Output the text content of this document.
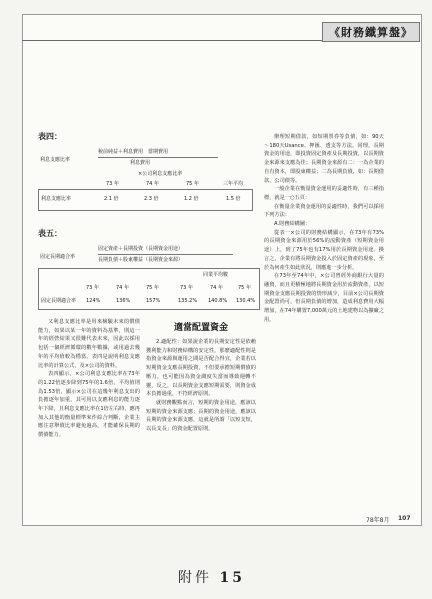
《財務鐵算盤》
表四：
利息支應比率
稅前純益＋利息費用　當期費用
利息費用
×公司利息支應比率
73 年	74 年	75 年	三年平均
利息支應比率	2.1 倍	2.3 倍	1.2 倍	1.5 倍
表五：
固定長期適合率
固定資產＋長期投資（長期資金用途）
長期負債＋股東權益（長期資金來源）
同業平均數
73 年	74 年	75 年	73 年	74 年	75 年
固定長期適合率 124%	136%	157%	135.2% 140.8% 130.4%

又利息支應比率是用來檢驗未來的償債能力，如果以某一年的資料為基準，則這一年的經營結果又很難代表未來，因此以採用包括一個經濟循環的數年數據，或用過去幾年的平均值較為穩當。表四是說明利息支應比率的計算公式，及×公司的資料。

表四顯示，×公司利息支應比率在73年的1.22倍逐步降到75年的1.6倍，平均值則為1.53倍，顯示×公司在這幾年利息支出的負擔逐年加重，其可用以支應利息的能力逐年下降，且利息支應比率在1倍左右時，應再加入其他的衡量標準來作綜合判斷，企業主應注意舉債比率避免過高，才能確保長期的償債能力。

適當配置資金

2.適配性：如果說企業的長期安定性是依賴獲利能力和財務結構的安定性，那麼適配性則是指資金來源與運用之間是否配合得宜，企業若以短期資金支應長期投資，不但要承擔短期償債的壓力，也可能因為資金調度失當而導致週轉不靈，反之，以長期資金支應短期需要，則資金成本負擔過重，不符經濟原則。

就財務觀點而言，短期的資金用途，應該以短期的資金來源支應；長期的資金用途，應該以長期的資金來源支應，這就是所謂「以短支短，以長支長」的資金配置原則。

辦理短期借款，如短期票券等負債，如：90天～180天Usance、押匯、透支等方法。同理，長期資金的用途，即投資固定資產及長期投資，以長期資金來源來支應為佳；長期資金來源有二：一為企業的自有資本，即股東權益；二為長期負債，如：長期借款、公司債等。

一般企業在衡量資金運用的妥適性時，有三種指標，就是一○五頁：

在衡量企業資金運用的妥適性時，我們可以採用下列方法：

A.財務結構圖：

從表一×公司的財務結構顯示，在73年有73%的長期資金來源用於56%的流動資產（短期資金用途）上，到了75年也有17%用於長期資金用途。換言之，企業有將長期資金投入於固定資產的現象，至於為何產生如此狀況，則應進一步分析。

在73年至74年中，×公司曾經外商銀行大量的融資，而且更積極地將長期資金用於流動資產，以短期資金支應長期投資的情形減少，目前×公司長期資金配置尚可，但長期負債的增加，造成利息費用大幅增加，在74年購置7,000萬元的土地建物以為擴廠之用。

78年8月 107
附件 15
